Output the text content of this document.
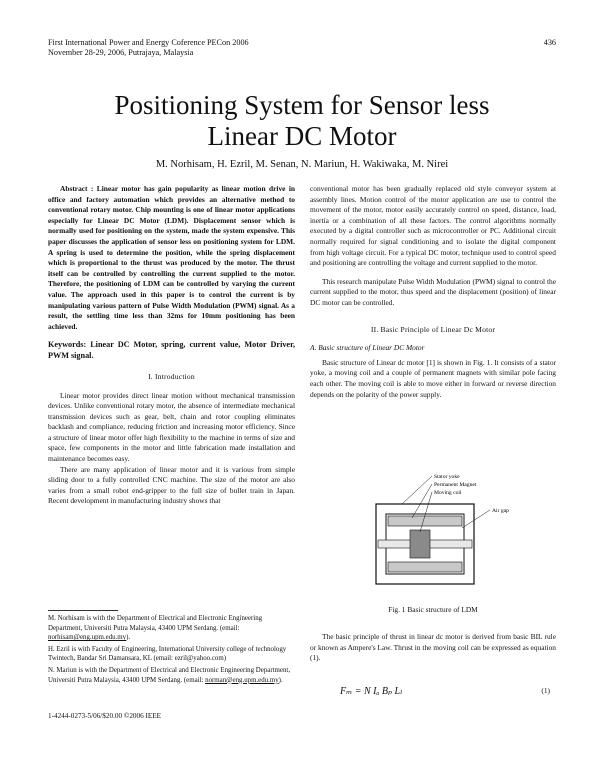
First International Power and Energy Coference PECon 2006
November 28-29, 2006, Putrajaya, Malaysia
436
Positioning System for Sensor less
Linear DC Motor
M. Norhisam, H. Ezril, M. Senan, N. Mariun, H. Wakiwaka, M. Nirei

Abstract : Linear motor has gain popularity as linear motion drive in office and factory automation which provides an alternative method to conventional rotary motor. Chip mounting is one of linear motor applications especially for Linear DC Motor (LDM). Displacement sensor which is normally used for positioning on the system, made the system expensive. This paper discusses the application of sensor less on positioning system for LDM. A spring is used to determine the position, while the spring displacement which is proportional to the thrust was produced by the motor. The thrust itself can be controlled by controlling the current supplied to the motor. Therefore, the positioning of LDM can be controlled by varying the current value. The approach used in this paper is to control the current is by manipulating various pattern of Pulse Width Modulation (PWM) signal. As a result, the settling time less than 32ms for 10mm positioning has been achieved.

Keywords: Linear DC Motor, spring, current value, Motor Driver, PWM signal.

I. Introduction

Linear motor provides direct linear motion without mechanical transmission devices. Unlike conventional rotary motor, the absence of intermediate mechanical transmission devices such as gear, belt, chain and rotor coupling eliminates backlash and compliance, reducing friction and increasing motor efficiency. Since a structure of linear motor offer high flexibility to the machine in terms of size and space, few components in the motor and little fabrication made installation and maintenance becomes easy.

There are many application of linear motor and it is various from simple sliding door to a fully controlled CNC machine. The size of the motor are also varies from a small robot end-gripper to the full size of bullet train in Japan. Recent development in manufacturing industry shows that

M. Norhisam is with the Department of Electrical and Electronic Engineering Department, Universiti Putra Malaysia, 43400 UPM Serdang. (email: norhisam@eng.upm.edu.my).

H. Ezril is with Faculty of Engineering, International University college of technology Twintech, Bandar Sri Damansara, KL (email: ezril@yahoo.com)

N. Mariun is with the Department of Electrical and Electronic Engineering Department, Universiti Putra Malaysia, 43400 UPM Serdang. (email: norman@eng.upm.edu.my).

1-4244-0273-5/06/$20.00 ©2006 IEEE

conventional motor has been gradually replaced old style conveyor system at assembly lines. Motion control of the motor application are use to control the movement of the motor, motor easily accurately control on speed, distance, load, inertia or a combination of all these factors. The control algorithms normally executed by a digital controller such as microcontroller or PC. Additional circuit normally required for signal conditioning and to isolate the digital component from high voltage circuit. For a typical DC motor, technique used to control speed and positioning are controlling the voltage and current supplied to the motor.

This research manipulate Pulse Width Modulation (PWM) signal to control the current supplied to the motor, thus speed and the displacement (position) of linear DC motor can be controlled.

II. Basic Principle of Linear Dc Motor

A. Basic structure of Linear DC Motor

Basic structure of Linear dc motor [1] is shown in Fig. 1. It consists of a stator yoke, a moving coil and a couple of permanent magnets with similar pole facing each other. The moving coil is able to move either in forward or reverse direction depends on the polarity of the power supply.

Stator yoke
Permanent Magnet
Moving coil
Air gap
Fig. 1 Basic structure of LDM

The basic principle of thrust in linear dc motor is derived from basic BIL rule or known as Ampere's Law. Thrust in the moving coil can be expressed as equation (1).

Fₘ = N Iₐ Bₚ Lₗ	(1)
